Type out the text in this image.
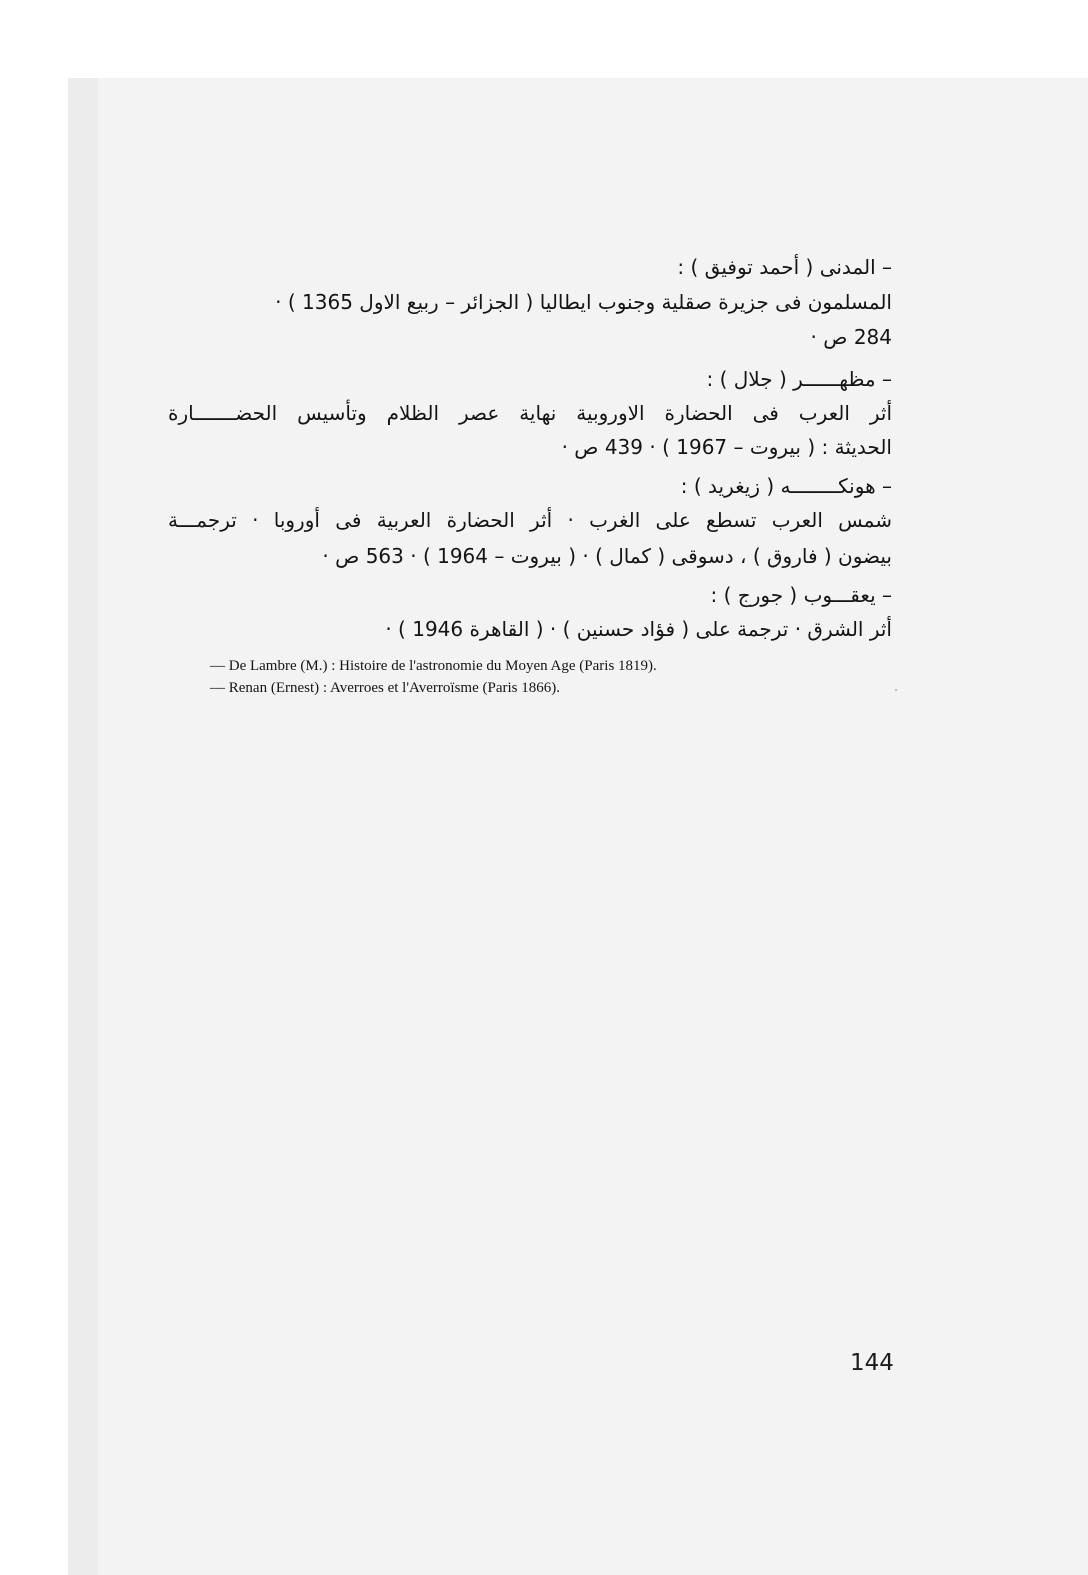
– المدنى ( أحمد توفيق ) :
المسلمون فى جزيرة صقلية وجنوب ايطاليا ( الجزائر – ربيع الاول 1365 ) ·
284 ص ·
– مظهــــــر ( جلال ) :
أثر العرب فى الحضارة الاوروبية نهاية عصر الظلام وتأسيس الحضـــــــارة
الحديثة : ( بيروت – 1967 ) · 439 ص ·
– هونكــــــــه ( زيغريد ) :
شمس العرب تسطع على الغرب · أثر الحضارة العربية فى أوروبا · ترجمـــة
بيضون ( فاروق ) ، دسوقى ( كمال ) · ( بيروت – 1964 ) · 563 ص ·
– يعقـــوب ( جورج ) :
أثر الشرق · ترجمة على ( فؤاد حسنين ) · ( القاهرة 1946 ) ·
— De Lambre (M.) : Histoire de l'astronomie du Moyen Age (Paris 1819).
— Renan (Ernest) : Averroes et l'Averroïsme (Paris 1866).
144
